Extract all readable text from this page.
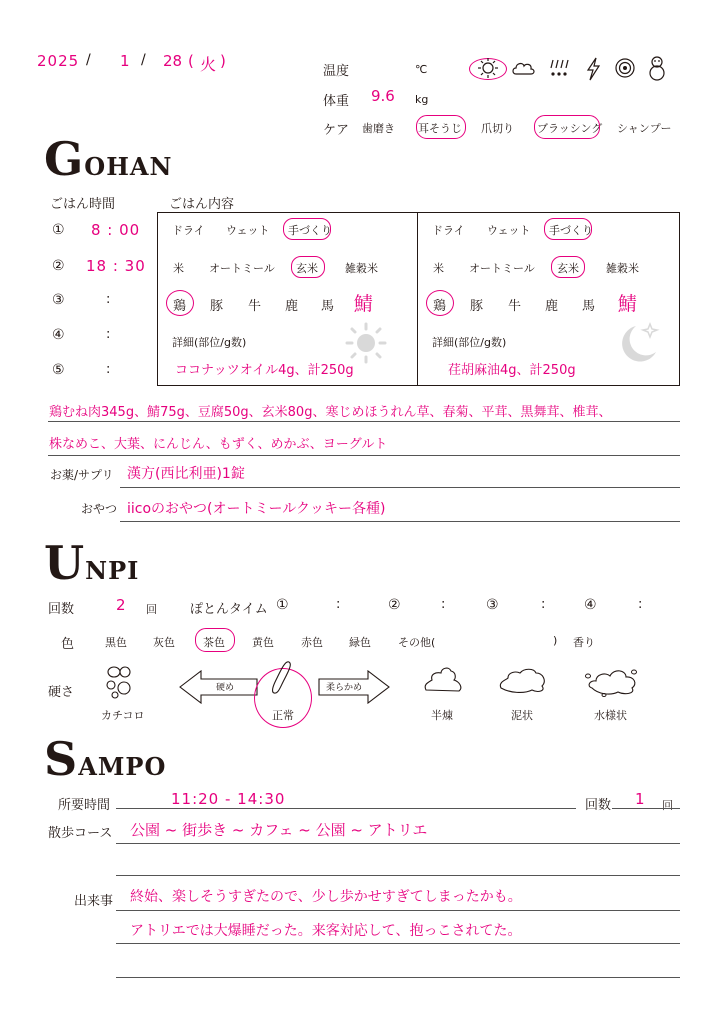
2025 / 1 / 28 ( 火 )
温度	℃
体重 9.6 kg
ケア 歯磨き 耳そうじ 爪切り ブラッシング シャンプー
GOHAN
ごはん時間	ごはん内容
① 8 : 00
② 18 : 30
③	:
④	:
⑤	:
ドライ ウェット 手づくり
米 オートミール 玄米 雑穀米
鶏 豚 牛 鹿 馬 鯖
詳細(部位/g数)
ココナッツオイル4g、計250g
ドライ ウェット 手づくり
米 オートミール 玄米 雑穀米
鶏 豚 牛 鹿 馬 鯖
詳細(部位/g数)
荏胡麻油4g、計250g
鶏むね肉345g、鯖75g、豆腐50g、玄米80g、寒じめほうれん草、春菊、平茸、黒舞茸、椎茸、
株なめこ、大葉、にんじん、もずく、めかぶ、ヨーグルト
お薬/サプリ 漢方(西比利亜)1錠
おやつ iicoのおやつ(オートミールクッキー各種)
UNPI
回数	2 回	ぽとんタイム ①	:	②	:	③	:	④	:
色	黒色 灰色	茶色 黄色 赤色 緑色 その他(	) 香り
硬さ
カチコロ
硬め
正常
柔らかめ
半煉	泥状	水様状
SAMPO
所要時間	11:20 - 14:30	回数 1 回
散歩コース 公園 ~ 街歩き ~ カフェ ~ 公園 ~ アトリエ
出来事 終始、楽しそうすぎたので、少し歩かせすぎてしまったかも。
アトリエでは大爆睡だった。来客対応して、抱っこされてた。
